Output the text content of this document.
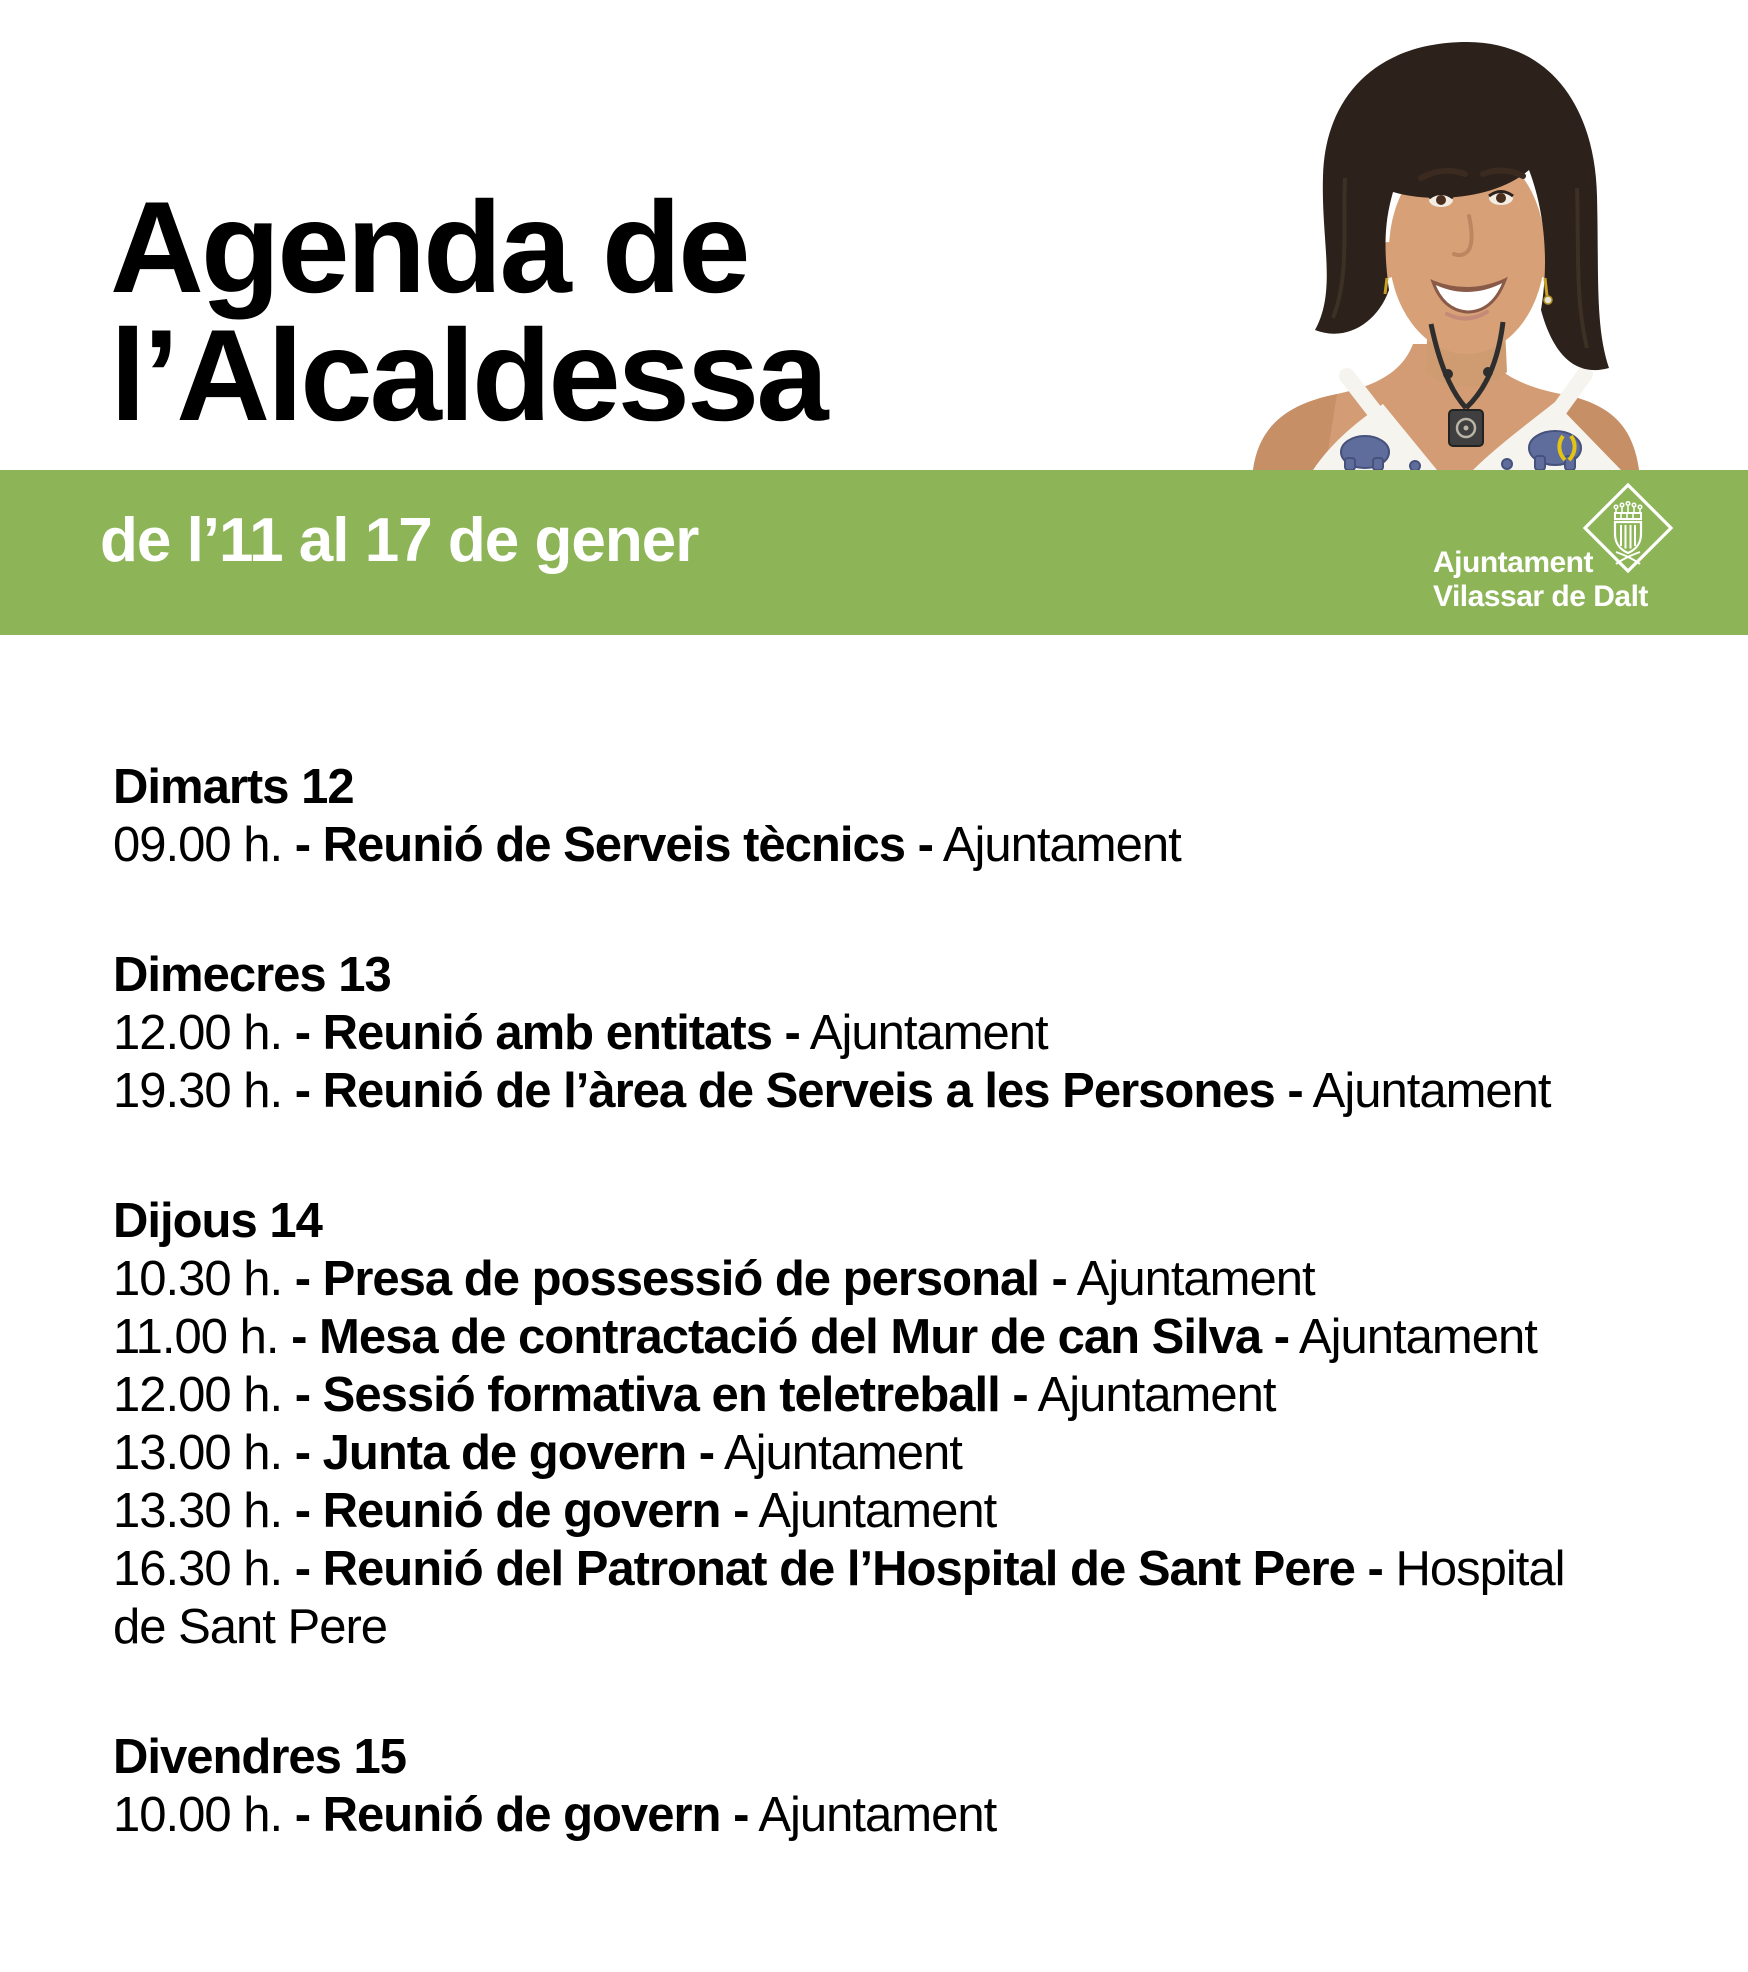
Agenda de
l’Alcaldessa
de l’11 al 17 de gener	Ajuntament
Vilassar de Dalt
Dimarts 12

09.00 h. - Reunió de Serveis tècnics - Ajuntament

Dimecres 13

12.00 h. - Reunió amb entitats - Ajuntament

19.30 h. - Reunió de l’àrea de Serveis a les Persones - Ajuntament

Dijous 14

10.30 h. - Presa de possessió de personal - Ajuntament

11.00 h. - Mesa de contractació del Mur de can Silva - Ajuntament

12.00 h. - Sessió formativa en teletreball - Ajuntament

13.00 h. - Junta de govern - Ajuntament

13.30 h. - Reunió de govern - Ajuntament

16.30 h. - Reunió del Patronat de l’Hospital de Sant Pere - Hospital de Sant Pere

Divendres 15

10.00 h. - Reunió de govern - Ajuntament
